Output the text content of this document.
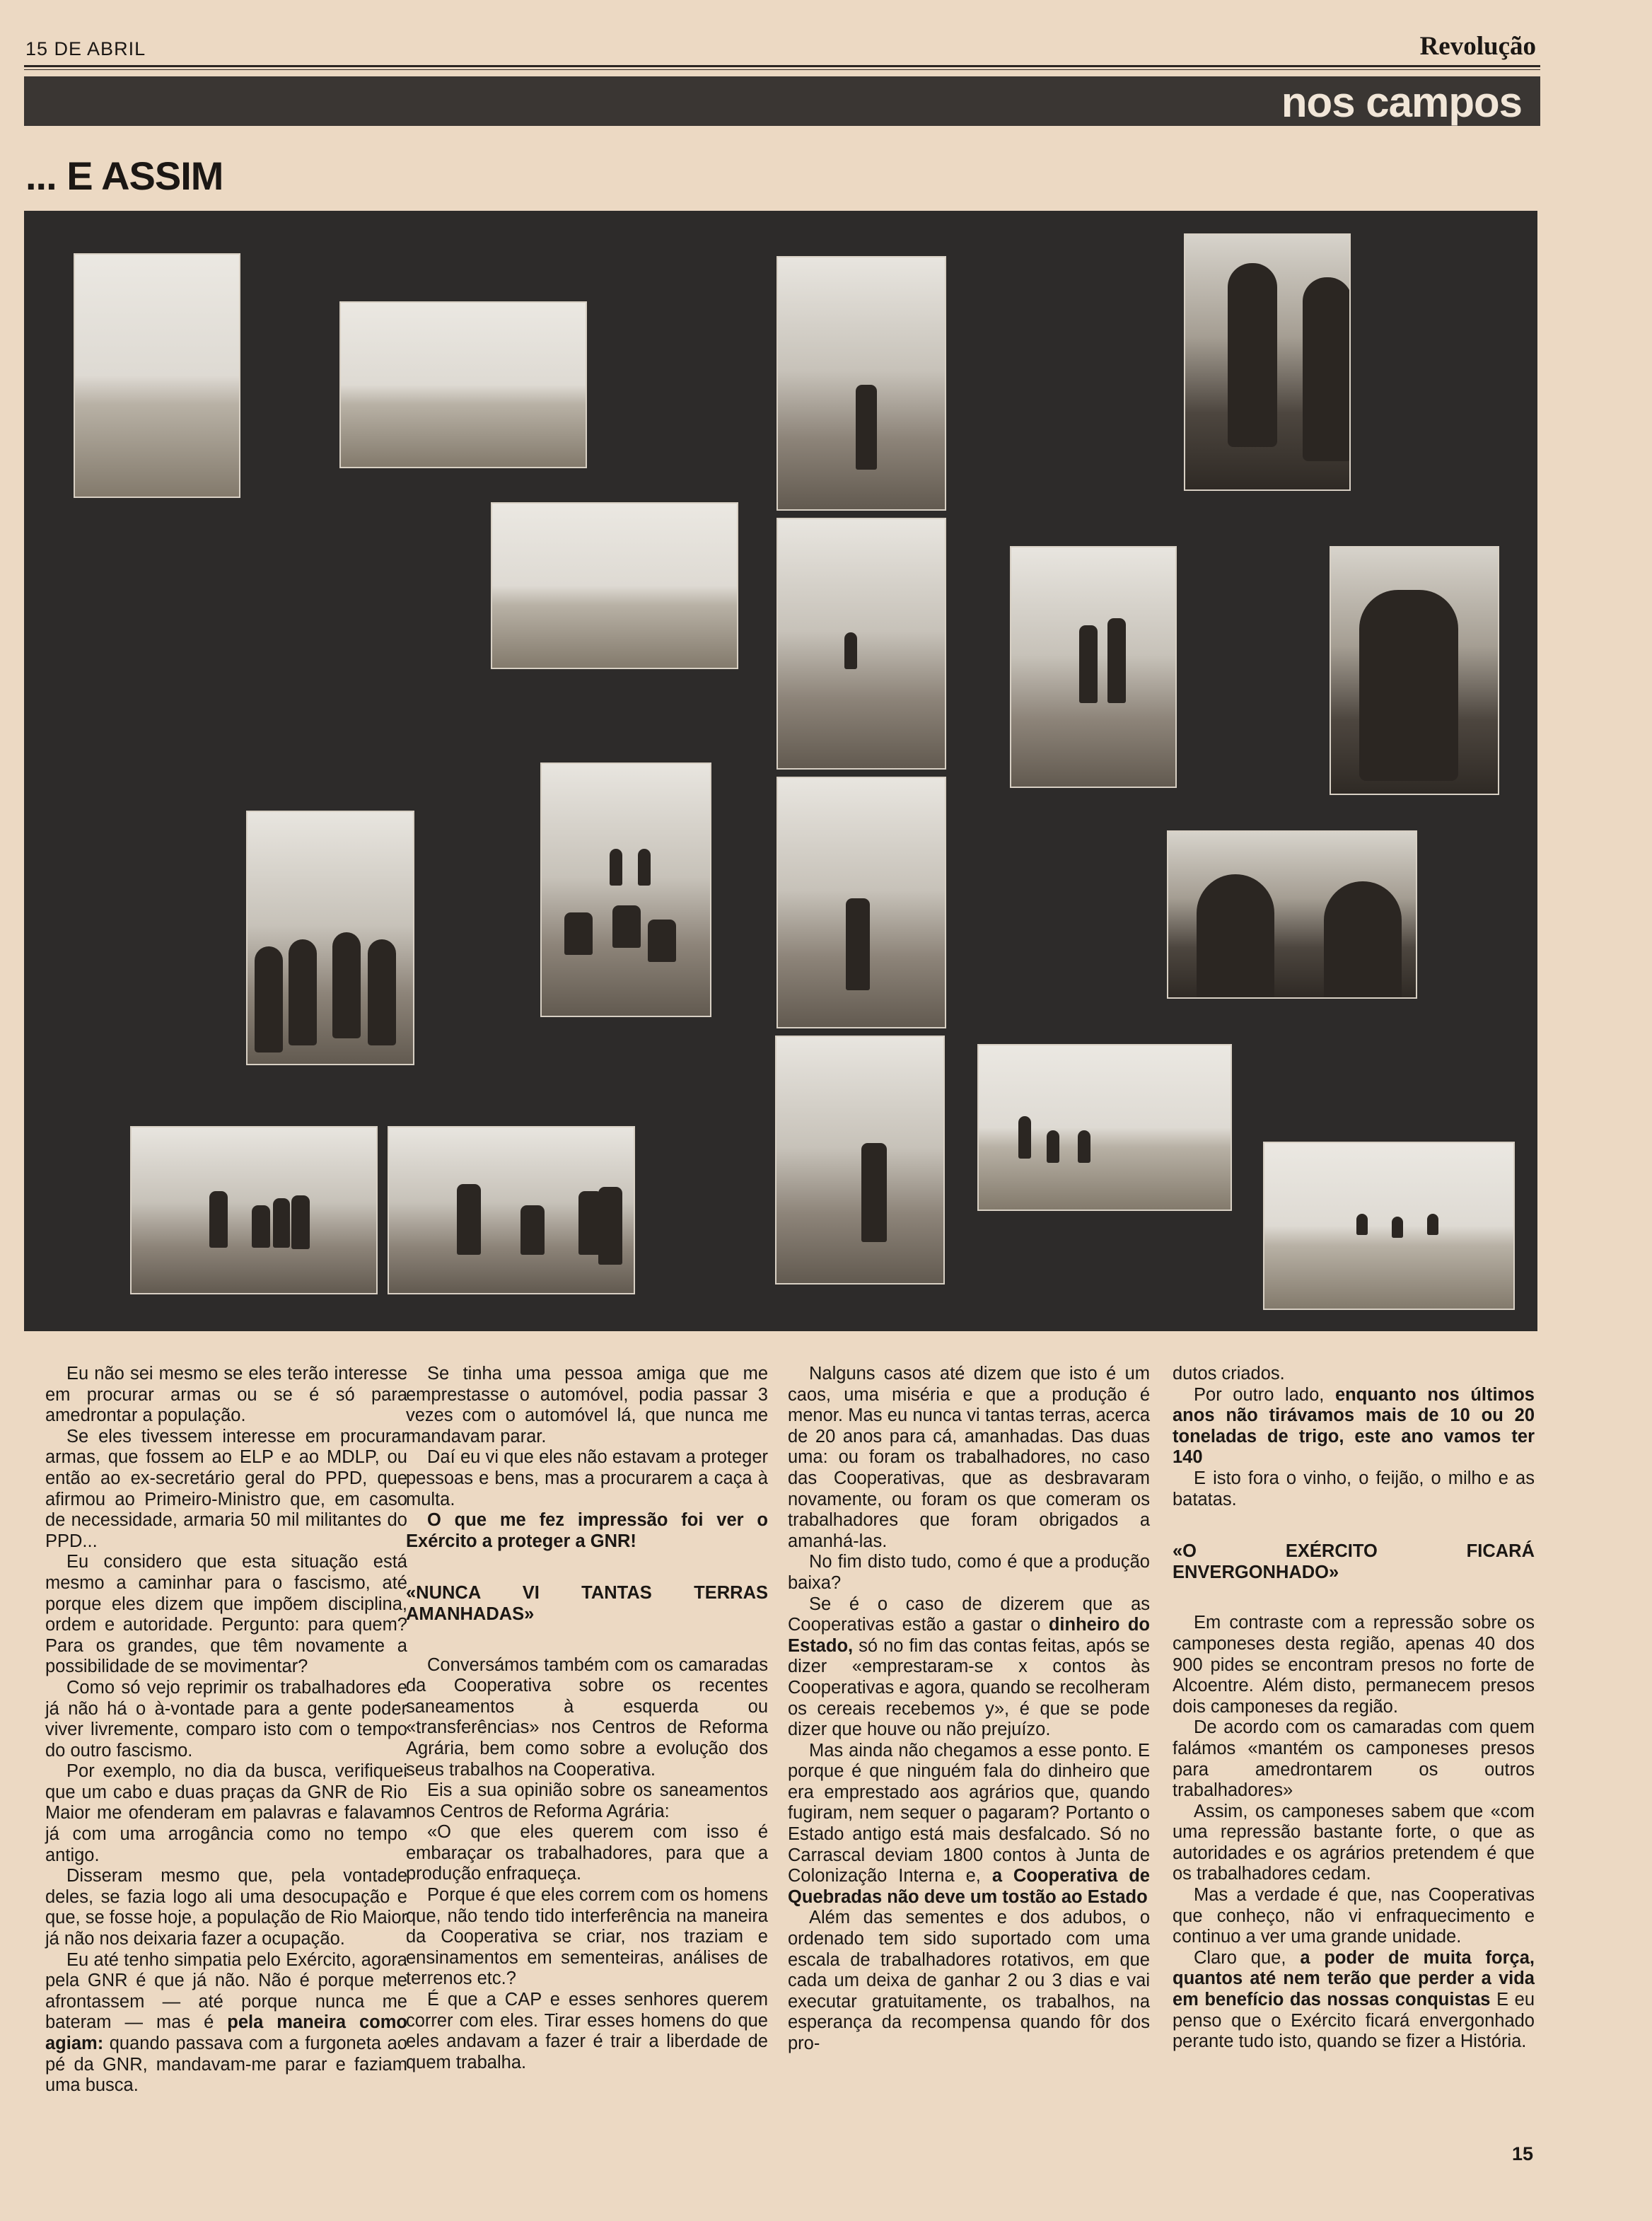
15 DE ABRIL	Revolução
nos campos
... E ASSIM

Eu não sei mesmo se eles terão interesse em procurar armas ou se é só para amedrontar a população.

Se eles tivessem interesse em procurar armas, que fossem ao ELP e ao MDLP, ou então ao ex-secretário geral do PPD, que afirmou ao Primeiro-Ministro que, em caso de necessidade, armaria 50 mil militantes do PPD...

Eu considero que esta situação está mesmo a caminhar para o fascismo, até porque eles dizem que impõem disciplina, ordem e autoridade. Pergunto: para quem? Para os grandes, que têm novamente a possibilidade de se movimentar?

Como só vejo reprimir os trabalhadores e já não há o à-vontade para a gente poder viver livremente, comparo isto com o tempo do outro fascismo.

Por exemplo, no dia da busca, verifiquei que um cabo e duas praças da GNR de Rio Maior me ofenderam em palavras e falavam já com uma arrogância como no tempo antigo.

Disseram mesmo que, pela vontade deles, se fazia logo ali uma desocupação e que, se fosse hoje, a população de Rio Maior já não nos deixaria fazer a ocupação.

Eu até tenho simpatia pelo Exército, agora pela GNR é que já não. Não é porque me afrontassem — até porque nunca me bateram — mas é pela maneira como agiam: quando passava com a furgoneta ao pé da GNR, mandavam-me parar e faziam uma busca.

Se tinha uma pessoa amiga que me emprestasse o automóvel, podia passar 3 vezes com o automóvel lá, que nunca me mandavam parar.

Daí eu vi que eles não estavam a proteger pessoas e bens, mas a procurarem a caça à multa.

O que me fez impressão foi ver o Exército a proteger a GNR!

«NUNCA VI TANTAS TERRAS AMANHADAS»

Conversámos também com os camaradas da Cooperativa sobre os recentes saneamentos à esquerda ou «transferências» nos Centros de Reforma Agrária, bem como sobre a evolução dos seus trabalhos na Cooperativa.

Eis a sua opinião sobre os saneamentos nos Centros de Reforma Agrária:

«O que eles querem com isso é embaraçar os trabalhadores, para que a produção enfraqueça.

Porque é que eles correm com os homens que, não tendo tido interferência na maneira da Cooperativa se criar, nos traziam e ensinamentos em sementeiras, análises de terrenos etc.?

É que a CAP e esses senhores querem correr com eles. Tirar esses homens do que eles andavam a fazer é trair a liberdade de quem trabalha.

Nalguns casos até dizem que isto é um caos, uma miséria e que a produção é menor. Mas eu nunca vi tantas terras, acerca de 20 anos para cá, amanhadas. Das duas uma: ou foram os trabalhadores, no caso das Cooperativas, que as desbravaram novamente, ou foram os que comeram os trabalhadores que foram obrigados a amanhá-las.

No fim disto tudo, como é que a produção baixa?

Se é o caso de dizerem que as Cooperativas estão a gastar o dinheiro do Estado, só no fim das contas feitas, após se dizer «emprestaram-se x contos às Cooperativas e agora, quando se recolheram os cereais recebemos y», é que se pode dizer que houve ou não prejuízo.

Mas ainda não chegamos a esse ponto. E porque é que ninguém fala do dinheiro que era emprestado aos agrários que, quando fugiram, nem sequer o pagaram? Portanto o Estado antigo está mais desfalcado. Só no Carrascal deviam 1800 contos à Junta de Colonização Interna e, a Cooperativa de Quebradas não deve um tostão ao Estado

Além das sementes e dos adubos, o ordenado tem sido suportado com uma escala de trabalhadores rotativos, em que cada um deixa de ganhar 2 ou 3 dias e vai executar gratuitamente, os trabalhos, na esperança da recompensa quando fôr dos pro-

dutos criados.

Por outro lado, enquanto nos últimos anos não tirávamos mais de 10 ou 20 toneladas de trigo, este ano vamos ter 140

E isto fora o vinho, o feijão, o milho e as batatas.

«O EXÉRCITO FICARÁ ENVERGONHADO»

Em contraste com a repressão sobre os camponeses desta região, apenas 40 dos 900 pides se encontram presos no forte de Alcoentre. Além disto, permanecem presos dois camponeses da região.

De acordo com os camaradas com quem falámos «mantém os camponeses presos para amedrontarem os outros trabalhadores»

Assim, os camponeses sabem que «com uma repressão bastante forte, o que as autoridades e os agrários pretendem é que os trabalhadores cedam.

Mas a verdade é que, nas Cooperativas que conheço, não vi enfraquecimento e continuo a ver uma grande unidade.

Claro que, a poder de muita força, quantos até nem terão que perder a vida em benefício das nossas conquistas E eu penso que o Exército ficará envergonhado perante tudo isto, quando se fizer a História.

15
